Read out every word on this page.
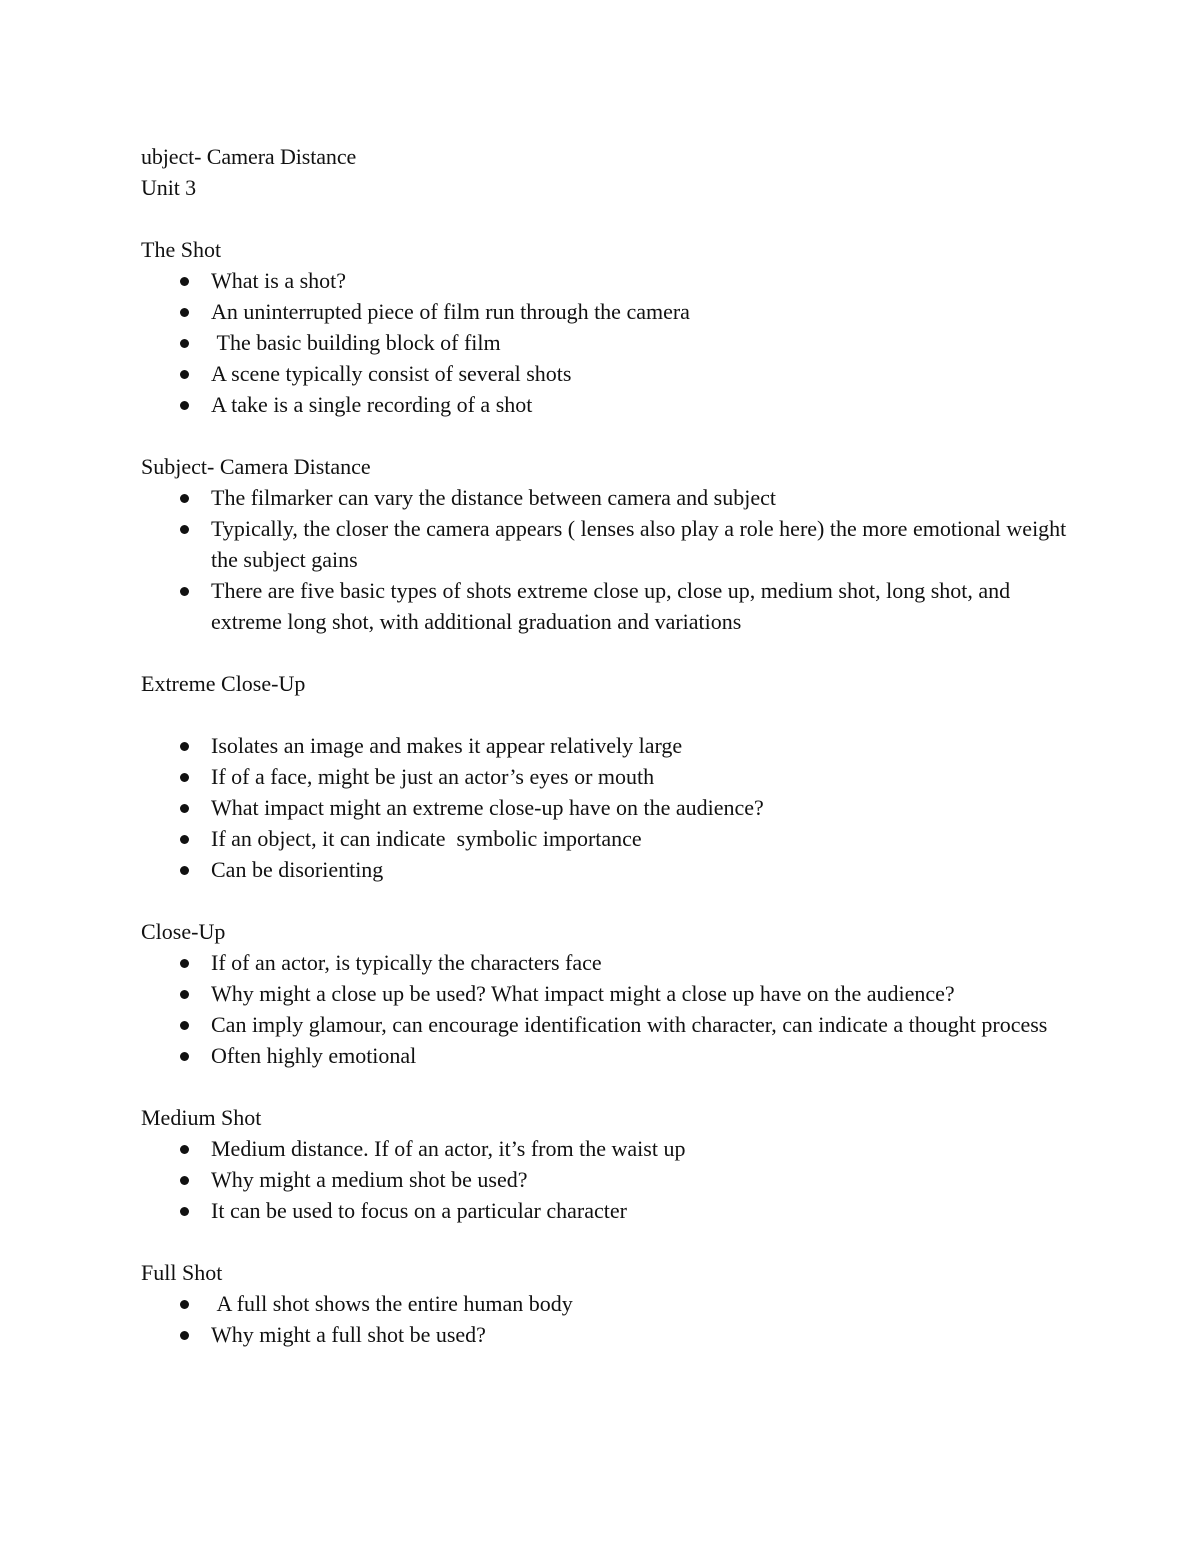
ubject- Camera Distance

Unit 3

The Shot

What is a shot?
An uninterrupted piece of film run through the camera
The basic building block of film
A scene typically consist of several shots
A take is a single recording of a shot

Subject- Camera Distance

The filmarker can vary the distance between camera and subject
Typically, the closer the camera appears ( lenses also play a role here) the more emotional weight the subject gains
There are five basic types of shots extreme close up, close up, medium shot, long shot, and extreme long shot, with additional graduation and variations

Extreme Close-Up

Isolates an image and makes it appear relatively large
If of a face, might be just an actor’s eyes or mouth
What impact might an extreme close-up have on the audience?
If an object, it can indicate  symbolic importance
Can be disorienting

Close-Up

If of an actor, is typically the characters face
Why might a close up be used? What impact might a close up have on the audience?
Can imply glamour, can encourage identification with character, can indicate a thought process
Often highly emotional

Medium Shot

Medium distance. If of an actor, it’s from the waist up
Why might a medium shot be used?
It can be used to focus on a particular character

Full Shot

A full shot shows the entire human body
Why might a full shot be used?
